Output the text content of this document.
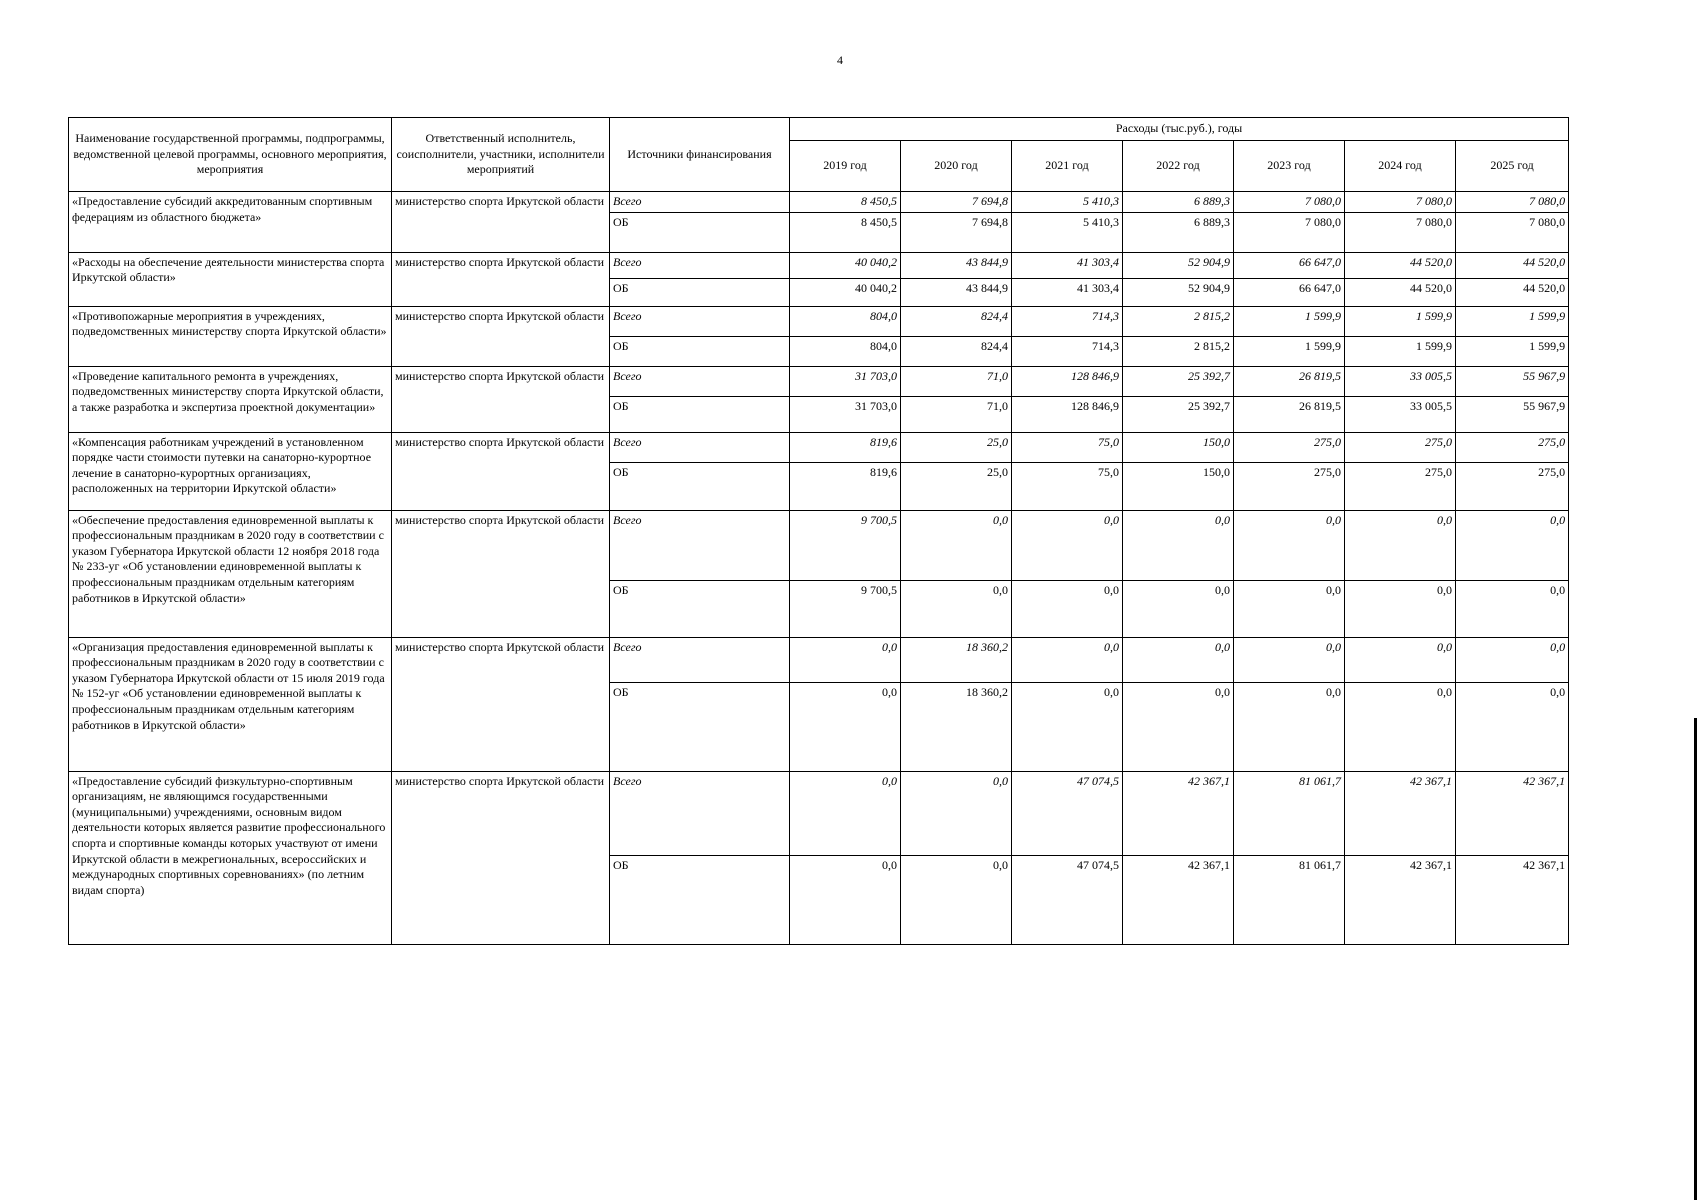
4
Наименование государственной программы, подпрограммы, ведомственной целевой программы, основного мероприятия, мероприятия	Ответственный исполнитель, соисполнители, участники, исполнители мероприятий	Источники финансирования	Расходы (тыс.руб.), годы						
			2019 год	2020 год	2021 год	2022 год	2023 год	2024 год	2025 год
«Предоставление субсидий аккредитованным спортивным федерациям из областного бюджета»	министерство спорта Иркутской области	Всего	8 450,5	7 694,8	5 410,3	6 889,3	7 080,0	7 080,0	7 080,0
		ОБ	8 450,5	7 694,8	5 410,3	6 889,3	7 080,0	7 080,0	7 080,0
«Расходы на обеспечение деятельности министерства спорта Иркутской области»	министерство спорта Иркутской области	Всего	40 040,2	43 844,9	41 303,4	52 904,9	66 647,0	44 520,0	44 520,0
		ОБ	40 040,2	43 844,9	41 303,4	52 904,9	66 647,0	44 520,0	44 520,0
«Противопожарные мероприятия в учреждениях, подведомственных министерству спорта Иркутской области»	министерство спорта Иркутской области	Всего	804,0	824,4	714,3	2 815,2	1 599,9	1 599,9	1 599,9
		ОБ	804,0	824,4	714,3	2 815,2	1 599,9	1 599,9	1 599,9
«Проведение капитального ремонта в учреждениях, подведомственных министерству спорта Иркутской области, а также разработка и экспертиза проектной документации»	министерство спорта Иркутской области	Всего	31 703,0	71,0	128 846,9	25 392,7	26 819,5	33 005,5	55 967,9
		ОБ	31 703,0	71,0	128 846,9	25 392,7	26 819,5	33 005,5	55 967,9
«Компенсация работникам учреждений в установленном порядке части стоимости путевки на санаторно-курортное лечение в санаторно-курортных организациях, расположенных на территории Иркутской области»	министерство спорта Иркутской области	Всего	819,6	25,0	75,0	150,0	275,0	275,0	275,0
		ОБ	819,6	25,0	75,0	150,0	275,0	275,0	275,0
«Обеспечение предоставления единовременной выплаты к профессиональным праздникам в 2020 году в соответствии с указом Губернатора Иркутской области 12 ноября 2018 года № 233-уг «Об установлении единовременной выплаты к профессиональным праздникам отдельным категориям работников в Иркутской области»	министерство спорта Иркутской области	Всего	9 700,5	0,0	0,0	0,0	0,0	0,0	0,0
		ОБ	9 700,5	0,0	0,0	0,0	0,0	0,0	0,0
«Организация предоставления единовременной выплаты к профессиональным праздникам в 2020 году в соответствии с указом Губернатора Иркутской области от 15 июля 2019 года № 152-уг «Об установлении единовременной выплаты к профессиональным праздникам отдельным категориям работников в Иркутской области»	министерство спорта Иркутской области	Всего	0,0	18 360,2	0,0	0,0	0,0	0,0	0,0
		ОБ	0,0	18 360,2	0,0	0,0	0,0	0,0	0,0
«Предоставление субсидий физкультурно-спортивным организациям, не являющимся государственными (муниципальными) учреждениями, основным видом деятельности которых является развитие профессионального спорта и спортивные команды которых участвуют от имени Иркутской области в межрегиональных, всероссийских и международных спортивных соревнованиях» (по летним видам спорта)	министерство спорта Иркутской области	Всего	0,0	0,0	47 074,5	42 367,1	81 061,7	42 367,1	42 367,1
		ОБ	0,0	0,0	47 074,5	42 367,1	81 061,7	42 367,1	42 367,1
